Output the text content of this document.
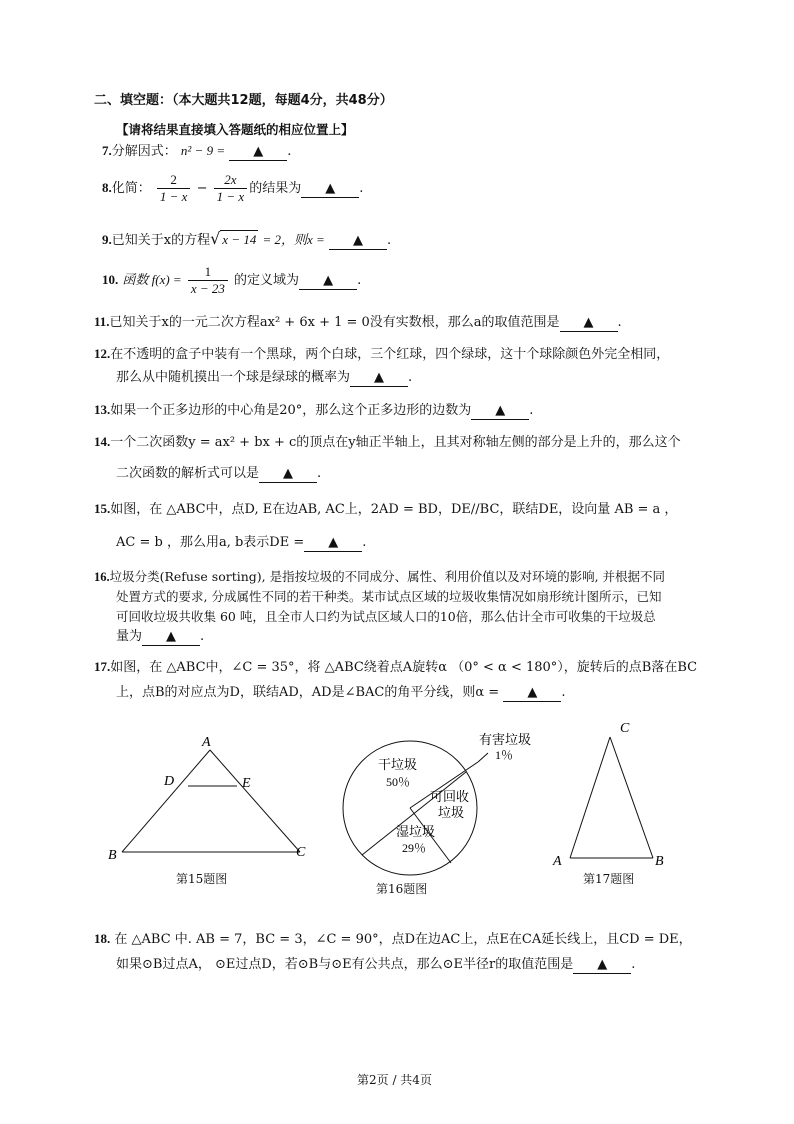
二、填空题：（本大题共12题，每题4分，共48分）
【请将结果直接填入答题纸的相应位置上】
7.分解因式： n² − 9 = ▲ .
8.化简： $\frac{2}{1 - x} - \frac{2x}{1 - x}$ 的结果为 ▲ .
9.已知关于x的方程√ x − 14 = 2，则x = ▲ .
10. 函数 $f(x) = \frac{1}{x - 23}$ 的定义域为 ▲ .
11.已知关于x的一元二次方程ax² + 6x + 1 = 0没有实数根，那么a的取值范围是 ▲ .
12.在不透明的盒子中装有一个黑球，两个白球，三个红球，四个绿球，这十个球除颜色外完全相同，
那么从中随机摸出一个球是绿球的概率为 ▲ .
13.如果一个正多边形的中心角是20°，那么这个正多边形的边数为 ▲ .
14.一个二次函数y = ax² + bx + c的顶点在y轴正半轴上，且其对称轴左侧的部分是上升的，那么这个
二次函数的解析式可以是 ▲ .
15.如图，在 △ABC中，点D, E在边AB, AC上，2AD = BD，DE//BC，联结DE，设向量 AB = a ，
AC = b ，那么用a, b表示DE = ▲ .
16.垃圾分类(Refuse sorting), 是指按垃圾的不同成分、属性、利用价值以及对环境的影响, 并根据不同
处置方式的要求, 分成属性不同的若干种类。某市试点区域的垃圾收集情况如扇形统计图所示，已知
可回收垃圾共收集 60 吨，且全市人口约为试点区域人口的10倍，那么估计全市可收集的干垃圾总
量为 ▲ .
17.如图，在 △ABC中，∠C = 35°，将 △ABC绕着点A旋转α （0° < α < 180°），旋转后的点B落在BC
上，点B的对应点为D，联结AD，AD是∠BAC的角平分线，则α = ▲ .
A
D	E
B	C
第15题图
干垃圾
50％
可回收
垃圾
湿垃圾
29％
有害垃圾
1％
第16题图
C
A	B
第17题图
18. 在 △ABC 中. AB = 7，BC = 3，∠C = 90°，点D在边AC上，点E在CA延长线上，且CD = DE，
如果⊙B过点A， ⊙E过点D，若⊙B与⊙E有公共点，那么⊙E半径r的取值范围是 ▲ .
第2页 / 共4页
